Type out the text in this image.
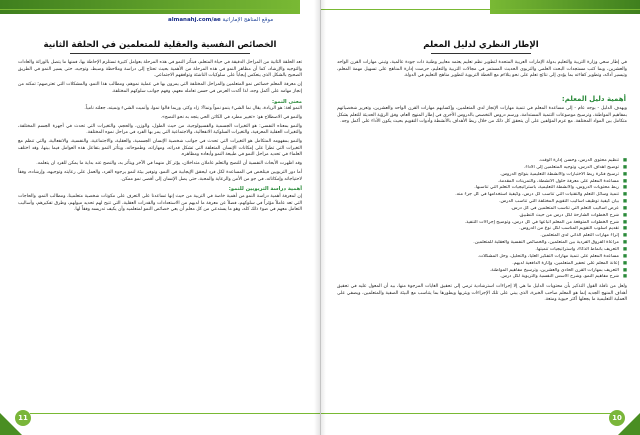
موقع المناهج الإماراتية almanahj.com/ae
الخصائص النفسية والعقلية للمتعلمين في الحلقة الثانية

تعد الحلقة الثانية من المراحل الدقيقة في حياة المتعلم، فبتأثر النمو في هذه المرحلة بعوامل كثيرة تستلزم الإحاطة بها، فمنها ما يتصل بالوراثة والعادات والتوجيه والإرشاد، كما أن مظاهر النمو في هذه المرحلة من الأهمية بحيث تحتاج إلى دراسة وملاحظة وضبط، وتوجيه، حتى يسير النمو في الطريق الصحيح بالشكل الذي ينعكس إيجاباً على سلوكيات الناشئة وتوافقهم الاجتماعي.

إن معرفة المعلم خصائص نمو المتعلمين والمراحل المختلفة التي يمرون بها في عملية نموهم، ومطالب هذا النمو، والمشكلات التي تعترضهم؛ تمكنه من إنجاز مهامه على أكمل وجه، لذا أكدت العرض في حسن تعامله معهم، وفهم جوانب سلوكهم المختلفة.

معنى النمو:

النمو لغة: هو الزيادة، يقال نما الشيء ينمو نمواً ونماءً: زاد وكثر، وربما قالوا نموا، وأنميت الشيء ونميته، جعلته نامياً.

والنمو في الاصطلاح هو: «تغيير مطرد في الكائن الحي يتجه به نحو النضج».

والنمو بمعناه النفسي: هو التغيرات الجسمية والفسيولوجية، من حيث الطول، والوزن، والحجم، والتغيرات التي تحدث في أجهزة الجسم المختلفة، والتغيرات العقلية المعرفية، والتغيرات السلوكية الانفعالية، والاجتماعية التي يمر بها الفرد في مراحل نموه المختلفة.

والنمو بمفهومه المتكامل هو التغيرات التي تحدث في جوانب شخصية الإنسان الجسمية، والعقلية، والاجتماعية، والنفسية، والانفعالية، والتي تنظم مع التغيرات التي تطرأ على إمكانات الإنسان المتعلقة التي تشكل قدراته، ومهاراته، وطموحاته، ويتأثر النمو بتفاعل هذه العوامل فيما بينها، وقد اختلف العلماء في تحديد مراحل النمو في طبيعة النمو وأبعاده ومظاهره.

وقد اظهرت الأبحاث النفسية أن للنضج والتعلم عاملان متداخلان، يؤثر كل منهما في الآخر ويتأثر به، والنضج عند بداية ما يمكن للفرد ان يتعلمه.

أما دور التربويين فيتلخص في المساعدة لكل فرد ليحقق الإيجابية في النمو، وتوفير بيئة لنمو يرجوه الفرد، والعمل على رعايته وتوجيهه، وإرشاده، وفقاً لاحتياجاته وإمكاناته، في جو من الأمن والرعاية والمحبة، حتى يصل الإنسان إلى أقصى نمو ممكن.

أهمية دراسة التربويين للنمو:

إن لمعرفة أهمية دراسة النمو من أهمية خاصة في التربية من حيث إنها تساعدنا على التعرف على مكونات شخصية متعلمينا، ومطالب النمو، والحاجات التي تعد عاملاً مؤثراً في سلوكهم، فضلاً عن معرفة ما لديهم من الاستعدادات والقدرات العقلية، التي تتيح لهم تحديد ميولهم، وطرق تفكيرهم، وأساليب التعامل معهم في ضوء ذلك كله، وهو ما يستدعي من كل معلم أن يعي خصائص النمو لمتعلميه وأن يكيف تدريسه وفقاً لها.

11
الإطار النظري لدليل المعلم
في إطار سعي وزارة التربية والتعليم بدولة الإمارات العربية المتحدة لتطوير نظم تعليم يعتمد معايير وطنية ذات جودة عالمية، وتبني مهارات القرن الواحد والعشرين، وبما كتب مستجدات البحث العلمي والتربوي الحديث المستمر في مجالات التربية والتعليم، حرصت إدارة المناهج على تسهيل مهمة المعلم، وتيسير أدائه، وتطوير كفاءته بما يؤدي إلى نتائج تعلم على نحو يتلاءم مع الخطة التربوية لتطوير مناهج التعليم في الدولة.
أهمية دليل المعلم:
ويهدف الدليل - بوجه عام - إلى مساعدة المعلم في تنمية مهارات الإنجاز لدى المتعلمين، وإكسابهم مهارات القرن الواحد والعشرين، وتعزيز شخصياتهم بمفاهيم المواطنة، وترسيخ موضوعات التنمية المستدامة، ورسم دروس التخصص بالدروس الأخرى في إطار المنهج العام، وفق الرؤية الحديثة للتعلم بشكل متكامل بين المواد المختلفة. مع عزم المؤلفين على أن يتحقق كل ذلك من خلال ربط الأهداف بالأنشطة وأدوات التقويم بحيث يكون الأداء على أكمل وجه.
■ تنظيم محتوى الدرس، وحسن إدارة الوقت.
■ توضيح أهداف الدرس، وتوجيه المتعلمين إلى الأداء.
■ ترسيخ فكرة ربط الاختبارات والأنشطة التعليمية بنواتج الدروس.
■ مساعدة المعلم على معرفة حلول الأنشطة، والتمرينات المقدمة.
■ ربط محتويات الدروس، والأنشطة التعليمية، باستراتيجيات التعلم التي تناسبها.
■ تنمية وسائل التعلم والتقنيات التي تناسب كل درس، وكيفية استخدامها في كل جزء منه.
■ بيان كيفية توظيف أساليب التقويم المختلفة التي تناسب الدرس.
■ عرض أساليب التعلم التي تناسب المتعلمين في كل درس.
■ شرح الخطوات الشارحة لكل درس من حيث التطبيق.
■ شرح الخطوات المتوقعة من المعلم اتباعها في كل درس، وتوضيح إجراءات التنفيذ.
■ تقديم أسلوب التقويم المناسب لكل نوع من الدروس.
■ إثراء مهارات التعلم الذاتي لدى المتعلمين.
■ مراعاة الفروق الفردية بين المتعلمين، والخصائص النفسية والعقلية للمتعلمين.
■ التعريف بأنماط الذكاء، واستراتيجيات تنميتها.
■ مساعدة المعلم على تنمية مهارات التفكير العليا، والتحليل، وحل المشكلات.
■ إعانة المعلم على تحفيز المتعلمين، وإثارة الدافعية لديهم.
■ التعريف بمهارات القرن الحادي والعشرين، وترسيخ مفاهيم المواطنة.
■ شرح مفاهيم النمو، وشرح الأسس النفسية والتربوية لكل درس.
ولعل من نافلة القول التذكير بأن محتويات الدليل ما هي إلا إجراءات استرشادية ترمي إلى تحقيق الغايات المرجوة منها، بيد أن المعول عليه في تحقيق أهداف المنهج الجديد إنما هو المعلم صاحب الخبرة، الذي يبني على تلك الإجراءات ويثريها ويطورها بما يتناسب مع البيئة الصفية والمتعلمين، ويضفي على العملية التعليمية ما يجعلها أكثر حيوية ومتعة.
10
